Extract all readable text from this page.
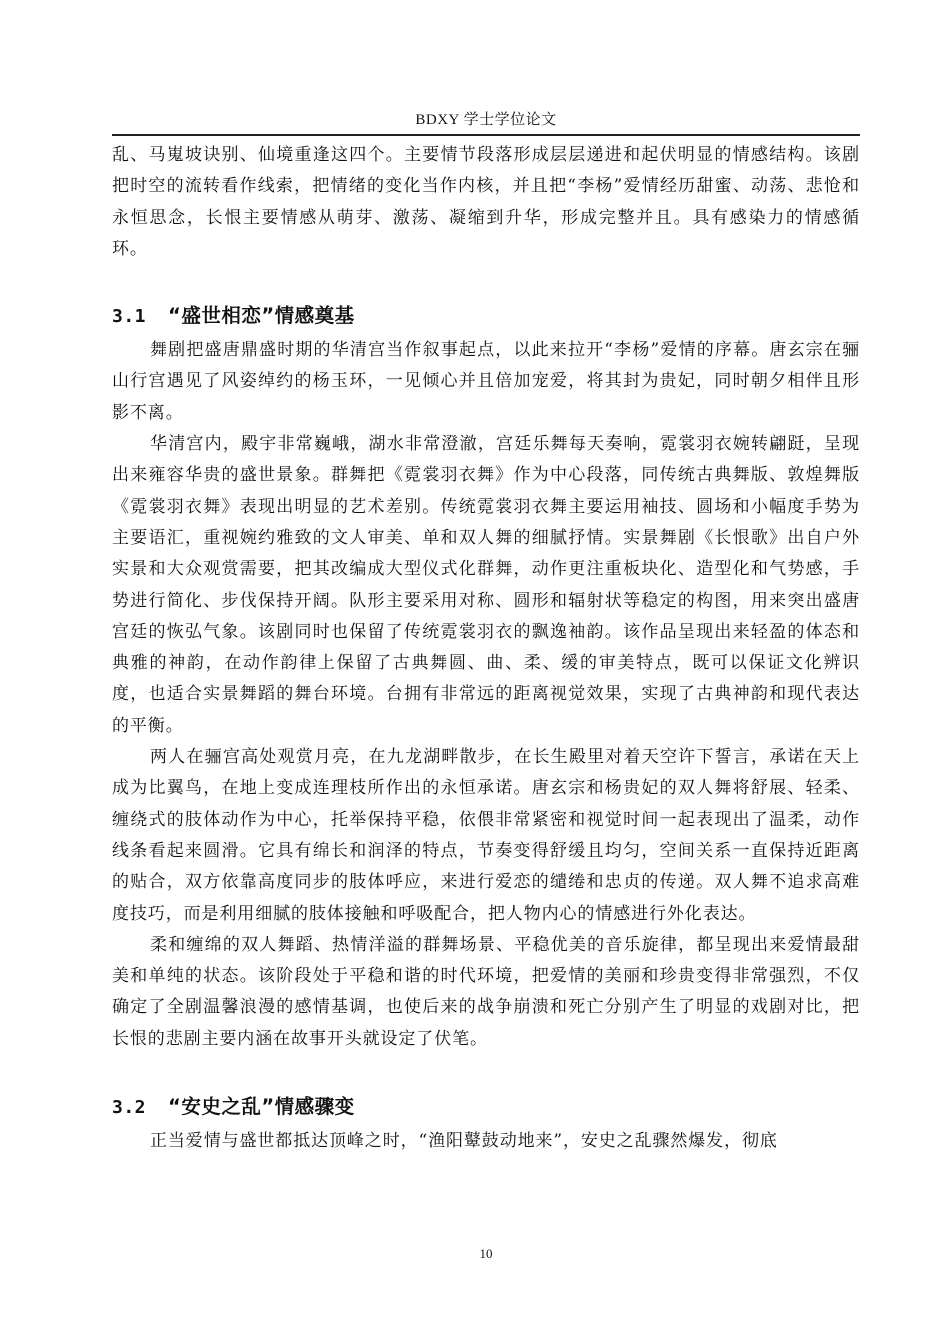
BDXY 学士学位论文

乱、马嵬坡诀别、仙境重逢这四个。主要情节段落形成层层递进和起伏明显的情感结构。该剧把时空的流转看作线索，把情绪的变化当作内核，并且把“李杨”爱情经历甜蜜、动荡、悲怆和永恒思念，长恨主要情感从萌芽、激荡、凝缩到升华，形成完整并且。具有感染力的情感循环。

3.1 “盛世相恋”情感奠基

舞剧把盛唐鼎盛时期的华清宫当作叙事起点，以此来拉开“李杨”爱情的序幕。唐玄宗在骊山行宫遇见了风姿绰约的杨玉环，一见倾心并且倍加宠爱，将其封为贵妃，同时朝夕相伴且形影不离。

华清宫内，殿宇非常巍峨，湖水非常澄澈，宫廷乐舞每天奏响，霓裳羽衣婉转翩跹，呈现出来雍容华贵的盛世景象。群舞把《霓裳羽衣舞》作为中心段落，同传统古典舞版、敦煌舞版《霓裳羽衣舞》表现出明显的艺术差别。传统霓裳羽衣舞主要运用袖技、圆场和小幅度手势为主要语汇，重视婉约雅致的文人审美、单和双人舞的细腻抒情。实景舞剧《长恨歌》出自户外实景和大众观赏需要，把其改编成大型仪式化群舞，动作更注重板块化、造型化和气势感，手势进行简化、步伐保持开阔。队形主要采用对称、圆形和辐射状等稳定的构图，用来突出盛唐宫廷的恢弘气象。该剧同时也保留了传统霓裳羽衣的飘逸袖韵。该作品呈现出来轻盈的体态和典雅的神韵，在动作韵律上保留了古典舞圆、曲、柔、缓的审美特点，既可以保证文化辨识度，也适合实景舞蹈的舞台环境。台拥有非常远的距离视觉效果，实现了古典神韵和现代表达的平衡。

两人在骊宫高处观赏月亮，在九龙湖畔散步，在长生殿里对着天空许下誓言，承诺在天上成为比翼鸟，在地上变成连理枝所作出的永恒承诺。唐玄宗和杨贵妃的双人舞将舒展、轻柔、缠绕式的肢体动作为中心，托举保持平稳，依偎非常紧密和视觉时间一起表现出了温柔，动作线条看起来圆滑。它具有绵长和润泽的特点，节奏变得舒缓且均匀，空间关系一直保持近距离的贴合，双方依靠高度同步的肢体呼应，来进行爱恋的缱绻和忠贞的传递。双人舞不追求高难度技巧，而是利用细腻的肢体接触和呼吸配合，把人物内心的情感进行外化表达。

柔和缠绵的双人舞蹈、热情洋溢的群舞场景、平稳优美的音乐旋律，都呈现出来爱情最甜美和单纯的状态。该阶段处于平稳和谐的时代环境，把爱情的美丽和珍贵变得非常强烈，不仅确定了全剧温馨浪漫的感情基调，也使后来的战争崩溃和死亡分别产生了明显的戏剧对比，把长恨的悲剧主要内涵在故事开头就设定了伏笔。

3.2 “安史之乱”情感骤变

正当爱情与盛世都抵达顶峰之时，“渔阳鼙鼓动地来”，安史之乱骤然爆发，彻底

10
